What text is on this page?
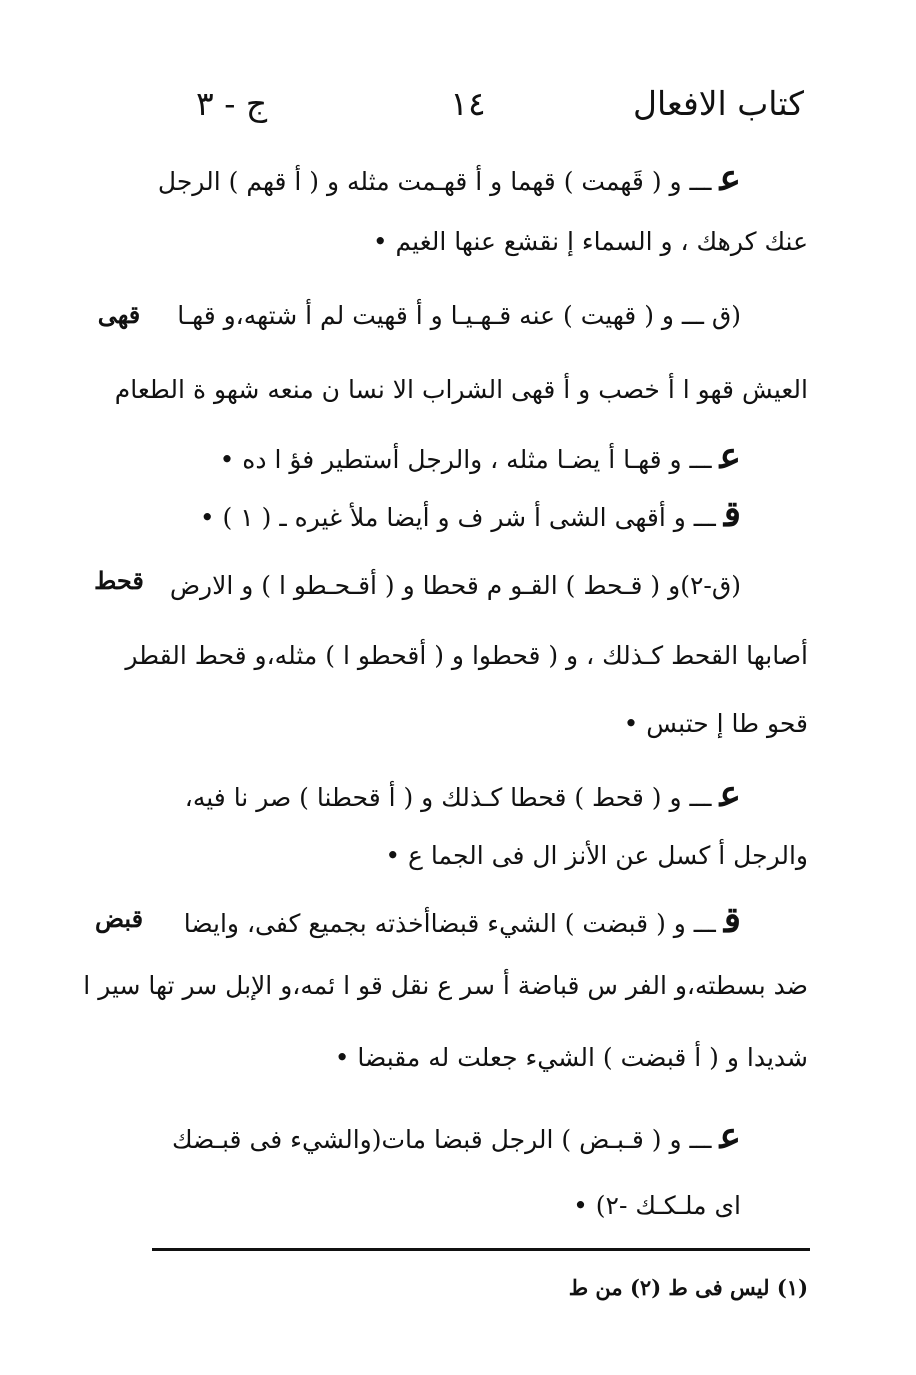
كتاب الافعال
١٤
ج - ٣
عـــ و ( قَهمت ) قهما و أ قهـمت مثله و ( أ قهم ) الرجل
عنك كرهك ، و السماء إ نقشع عنها الغيم •
(ق ـــ و ( قهيت ) عنه قـهـيـا و أ قهيت لم أ شتهه،و قهـا
العيش قهو ا أ خصب و أ قهى الشراب الا نسا ن منعه شهو ة الطعام
عـــ و قهـا أ يضـا مثله ، والرجل أستطير فؤ ا ده •
قـــ و أقهى الشى أ شر ف و أيضا ملأ غيره ـ ( ١ ) •
(ق-٢)و ( قـحط ) القـو م قحطا و ( أقـحـطو ا ) و الارض
أصابها القحط كـذلك ، و ( قحطوا و ( أقحطو ا ) مثله،و قحط القطر
قحو طا إ حتبس •
عـــ و ( قحط ) قحطا كـذلك و ( أ قحطنا ) صر نا فيه،
والرجل أ كسل عن الأنز ال فى الجما ع •
قـــ و ( قبضت ) الشيء قبضاأخذته بجميع كفى، وايضا
ضد بسطته،و الفر س قباضة أ سر ع نقل قو ا ئمه،و الإبل سر تها سير ا
شديدا و ( أ قبضت ) الشيء جعلت له مقبضا •
عـــ و ( قـبـض ) الرجل قبضا مات(والشيء فى قبـضك
اى ملـكـك -٢) •
قهى
قحط
قبض
(١) ليس فى ط (٢) من ط
